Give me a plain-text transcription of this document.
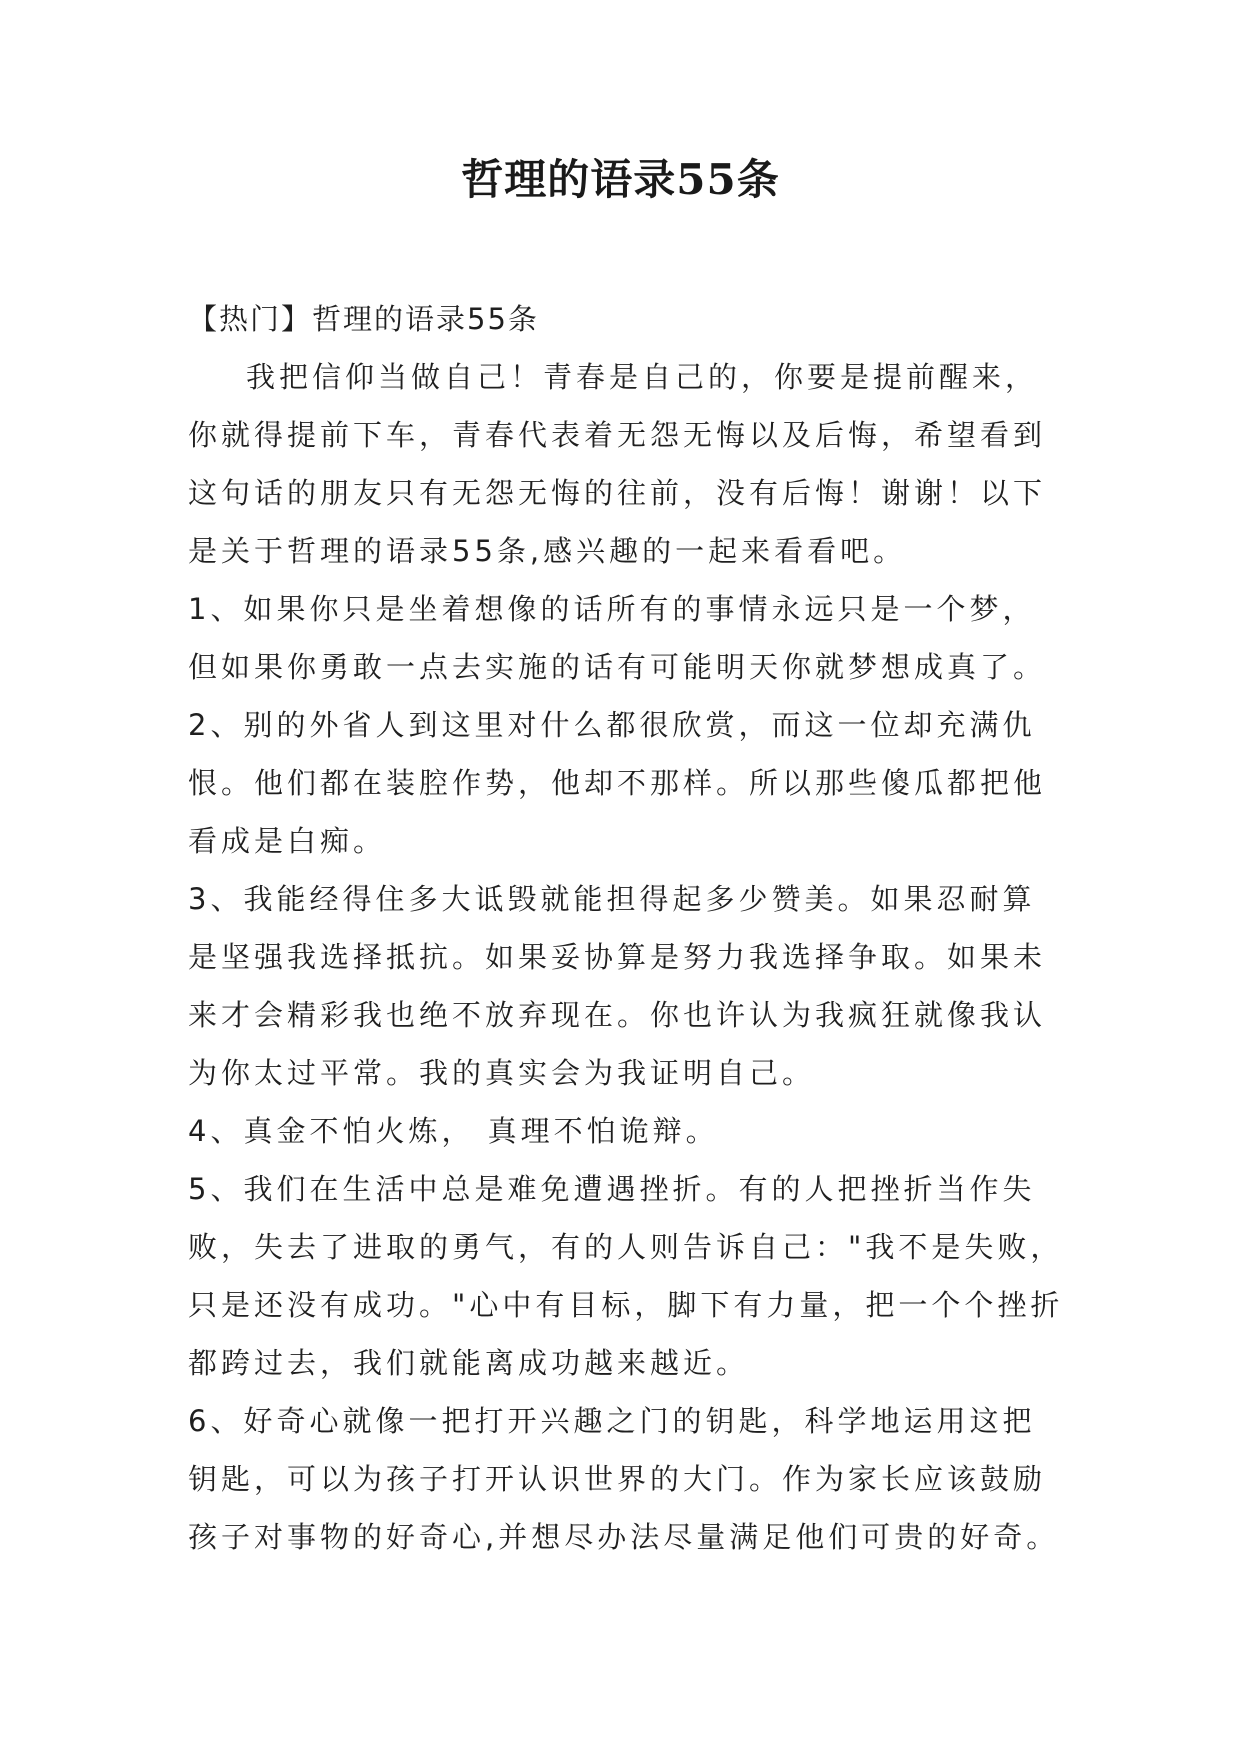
哲理的语录55条

【热门】哲理的语录55条

我把信仰当做自己！青春是自己的，你要是提前醒来，你就得提前下车，青春代表着无怨无悔以及后悔，希望看到这句话的朋友只有无怨无悔的往前，没有后悔！谢谢！以下是关于哲理的语录55条,感兴趣的一起来看看吧。

1、如果你只是坐着想像的话所有的事情永远只是一个梦，但如果你勇敢一点去实施的话有可能明天你就梦想成真了。

2、别的外省人到这里对什么都很欣赏，而这一位却充满仇恨。他们都在装腔作势，他却不那样。所以那些傻瓜都把他看成是白痴。

3、我能经得住多大诋毁就能担得起多少赞美。如果忍耐算是坚强我选择抵抗。如果妥协算是努力我选择争取。如果未来才会精彩我也绝不放弃现在。你也许认为我疯狂就像我认为你太过平常。我的真实会为我证明自己。

4、真金不怕火炼， 真理不怕诡辩。

5、我们在生活中总是难免遭遇挫折。有的人把挫折当作失败，失去了进取的勇气，有的人则告诉自己："我不是失败，只是还没有成功。"心中有目标，脚下有力量，把一个个挫折都跨过去，我们就能离成功越来越近。

6、好奇心就像一把打开兴趣之门的钥匙，科学地运用这把钥匙，可以为孩子打开认识世界的大门。作为家长应该鼓励孩子对事物的好奇心,并想尽办法尽量满足他们可贵的好奇。
